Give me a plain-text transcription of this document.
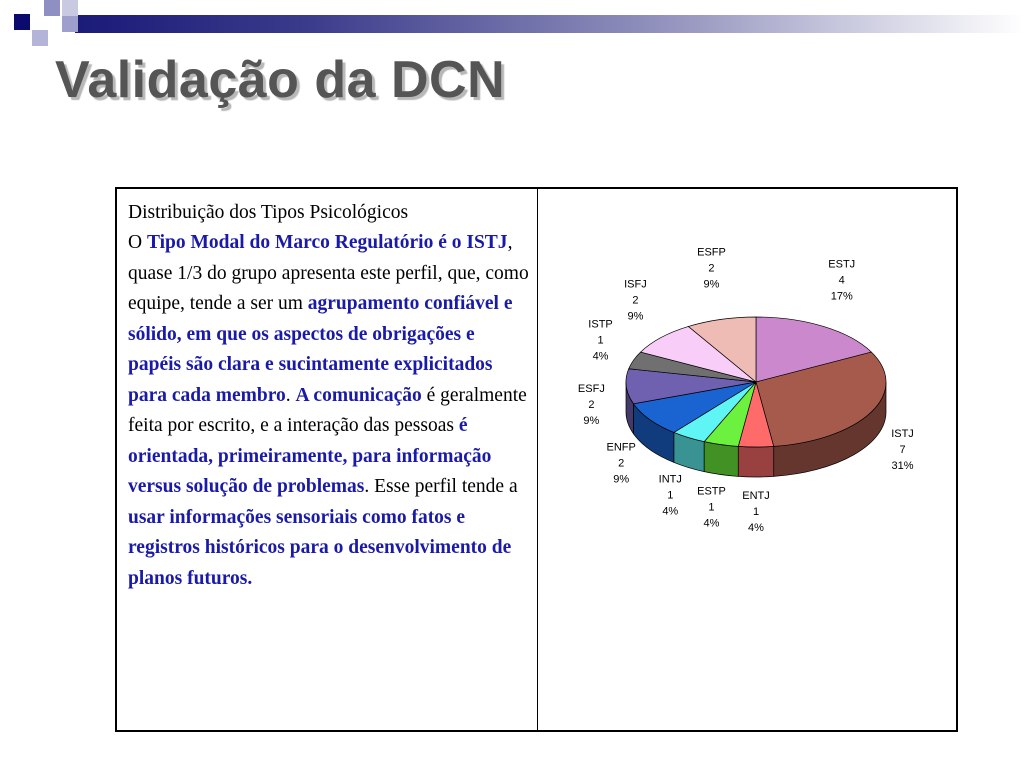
Validação da DCN

Distribuição dos Tipos Psicológicos

O Tipo Modal do Marco Regulatório é o ISTJ, quase 1/3 do grupo apresenta este perfil, que, como equipe, tende a ser um agrupamento confiável e sólido, em que os aspectos de obrigações e papéis são clara e sucintamente explicitados para cada membro. A comunicação é geralmente feita por escrito, e a interação das pessoas é orientada, primeiramente, para informação versus solução de problemas. Esse perfil tende a usar informações sensoriais como fatos e registros históricos para o desenvolvimento de planos futuros.

ESTJ
4
17%
ISTJ
7
31%
ENTJ
1
4%
ESTP
1
4%
INTJ
1
4%
ENFP
2
9%
ESFJ
2
9%
ISTP
1
4%
ISFJ
2
9%
ESFP
2
9%
